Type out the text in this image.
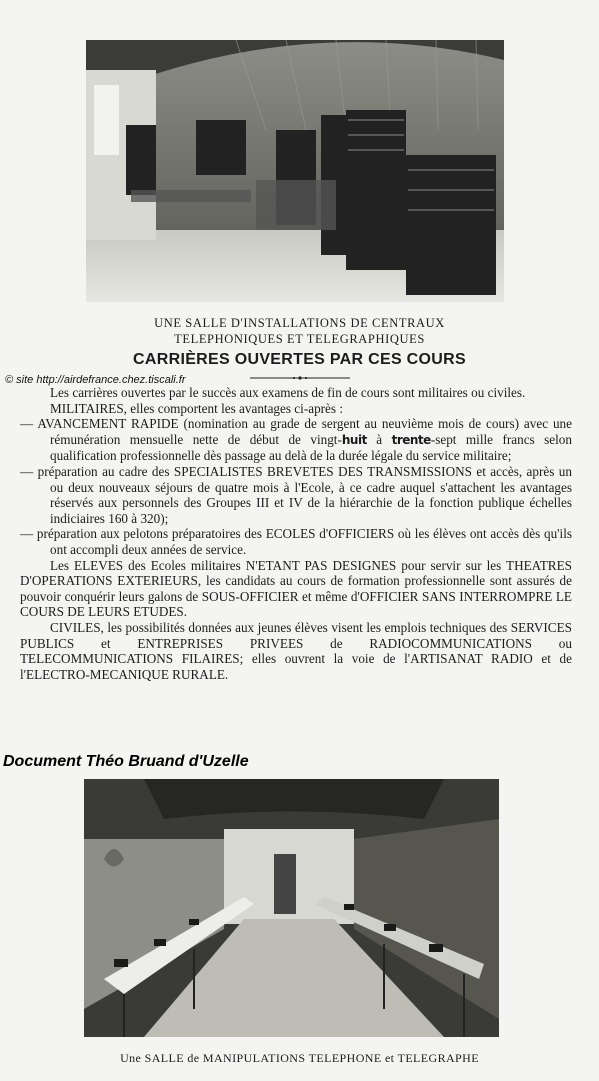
UNE SALLE D'INSTALLATIONS DE CENTRAUX
TELEPHONIQUES ET TELEGRAPHIQUES
CARRIÈRES OUVERTES PAR CES COURS
© site http://airdefrance.chez.tiscali.fr

Les carrières ouvertes par le succès aux examens de fin de cours sont militaires ou civiles.

MILITAIRES, elles comportent les avantages ci-après :

— AVANCEMENT RAPIDE (nomination au grade de sergent au neuvième mois de cours) avec une rémunération mensuelle nette de début de vingt-huit à trente-sept mille francs selon qualification professionnelle dès passage au delà de la durée légale du service militaire;

— préparation au cadre des SPECIALISTES BREVETES DES TRANSMISSIONS et accès, après un ou deux nouveaux séjours de quatre mois à l'Ecole, à ce cadre auquel s'attachent les avantages réservés aux personnels des Groupes III et IV de la hiérarchie de la fonction publique échelles indiciaires 160 à 320);

— préparation aux pelotons préparatoires des ECOLES d'OFFICIERS où les élèves ont accès dès qu'ils ont accompli deux années de service.

Les ELEVES des Ecoles militaires N'ETANT PAS DESIGNES pour servir sur les THEATRES D'OPERATIONS EXTERIEURS, les candidats au cours de formation professionnelle sont assurés de pouvoir conquérir leurs galons de SOUS-OFFICIER et même d'OFFICIER SANS INTERROMPRE LE COURS DE LEURS ETUDES.

CIVILES, les possibilités données aux jeunes élèves visent les emplois techniques des SERVICES PUBLICS et ENTREPRISES PRIVEES de RADIOCOMMUNICATIONS ou TELECOMMUNICATIONS FILAIRES; elles ouvrent la voie de l'ARTISANAT RADIO et de l'ELECTRO-MECANIQUE RURALE.

Document Théo Bruand d'Uzelle
Une SALLE de MANIPULATIONS TELEPHONE et TELEGRAPHE
